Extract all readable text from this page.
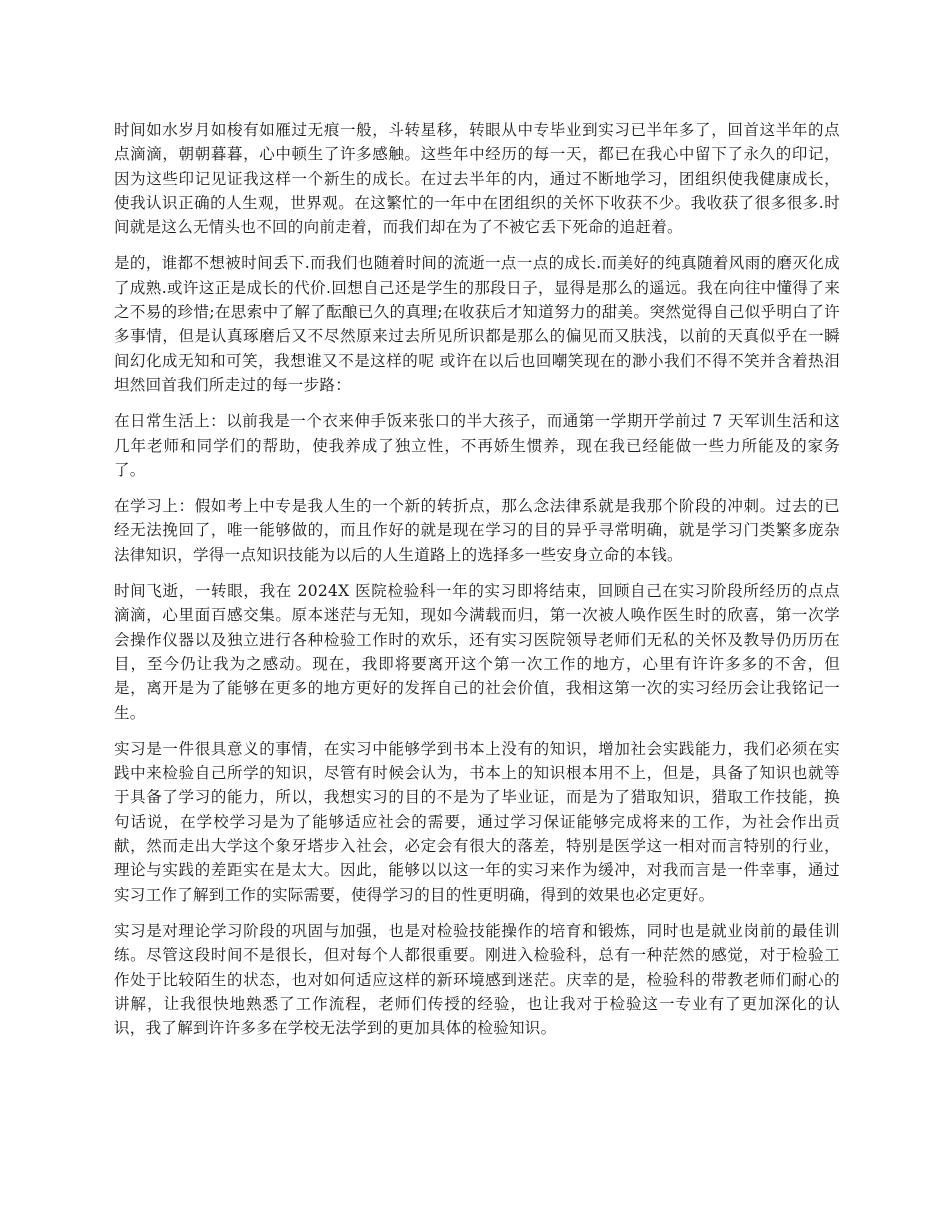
时间如水岁月如梭有如雁过无痕一般，斗转星移，转眼从中专毕业到实习已半年多了，回首这半年的点点滴滴，朝朝暮暮，心中顿生了许多感触。这些年中经历的每一天，都已在我心中留下了永久的印记，因为这些印记见证我这样一个新生的成长。在过去半年的内，通过不断地学习，团组织使我健康成长，使我认识正确的人生观，世界观。在这繁忙的一年中在团组织的关怀下收获不少。我收获了很多很多.时间就是这么无情头也不回的向前走着，而我们却在为了不被它丢下死命的追赶着。

是的，谁都不想被时间丢下.而我们也随着时间的流逝一点一点的成长.而美好的纯真随着风雨的磨灭化成了成熟.或许这正是成长的代价.回想自己还是学生的那段日子，显得是那么的遥远。我在向往中懂得了来之不易的珍惜;在思索中了解了酝酿已久的真理;在收获后才知道努力的甜美。突然觉得自己似乎明白了许多事情，但是认真琢磨后又不尽然原来过去所见所识都是那么的偏见而又肤浅，以前的天真似乎在一瞬间幻化成无知和可笑，我想谁又不是这样的呢 或许在以后也回嘲笑现在的渺小我们不得不笑并含着热泪坦然回首我们所走过的每一步路：

在日常生活上：以前我是一个衣来伸手饭来张口的半大孩子，而通第一学期开学前过 7 天军训生活和这几年老师和同学们的帮助，使我养成了独立性，不再娇生惯养，现在我已经能做一些力所能及的家务了。

在学习上：假如考上中专是我人生的一个新的转折点，那么念法律系就是我那个阶段的冲刺。过去的已经无法挽回了，唯一能够做的，而且作好的就是现在学习的目的异乎寻常明确，就是学习门类繁多庞杂法律知识，学得一点知识技能为以后的人生道路上的选择多一些安身立命的本钱。

时间飞逝，一转眼，我在 2024X 医院检验科一年的实习即将结束，回顾自己在实习阶段所经历的点点滴滴，心里面百感交集。原本迷茫与无知，现如今满载而归，第一次被人唤作医生时的欣喜，第一次学会操作仪器以及独立进行各种检验工作时的欢乐，还有实习医院领导老师们无私的关怀及教导仍历历在目，至今仍让我为之感动。现在，我即将要离开这个第一次工作的地方，心里有许许多多的不舍，但是，离开是为了能够在更多的地方更好的发挥自己的社会价值，我相这第一次的实习经历会让我铭记一生。

实习是一件很具意义的事情，在实习中能够学到书本上没有的知识，增加社会实践能力，我们必须在实践中来检验自己所学的知识，尽管有时候会认为，书本上的知识根本用不上，但是，具备了知识也就等于具备了学习的能力，所以，我想实习的目的不是为了毕业证，而是为了猎取知识，猎取工作技能，换句话说，在学校学习是为了能够适应社会的需要，通过学习保证能够完成将来的工作，为社会作出贡献，然而走出大学这个象牙塔步入社会，必定会有很大的落差，特别是医学这一相对而言特别的行业，理论与实践的差距实在是太大。因此，能够以以这一年的实习来作为缓冲，对我而言是一件幸事，通过实习工作了解到工作的实际需要，使得学习的目的性更明确，得到的效果也必定更好。

实习是对理论学习阶段的巩固与加强，也是对检验技能操作的培育和锻炼，同时也是就业岗前的最佳训练。尽管这段时间不是很长，但对每个人都很重要。刚进入检验科，总有一种茫然的感觉，对于检验工作处于比较陌生的状态，也对如何适应这样的新环境感到迷茫。庆幸的是，检验科的带教老师们耐心的讲解，让我很快地熟悉了工作流程，老师们传授的经验，也让我对于检验这一专业有了更加深化的认识，我了解到许许多多在学校无法学到的更加具体的检验知识。
